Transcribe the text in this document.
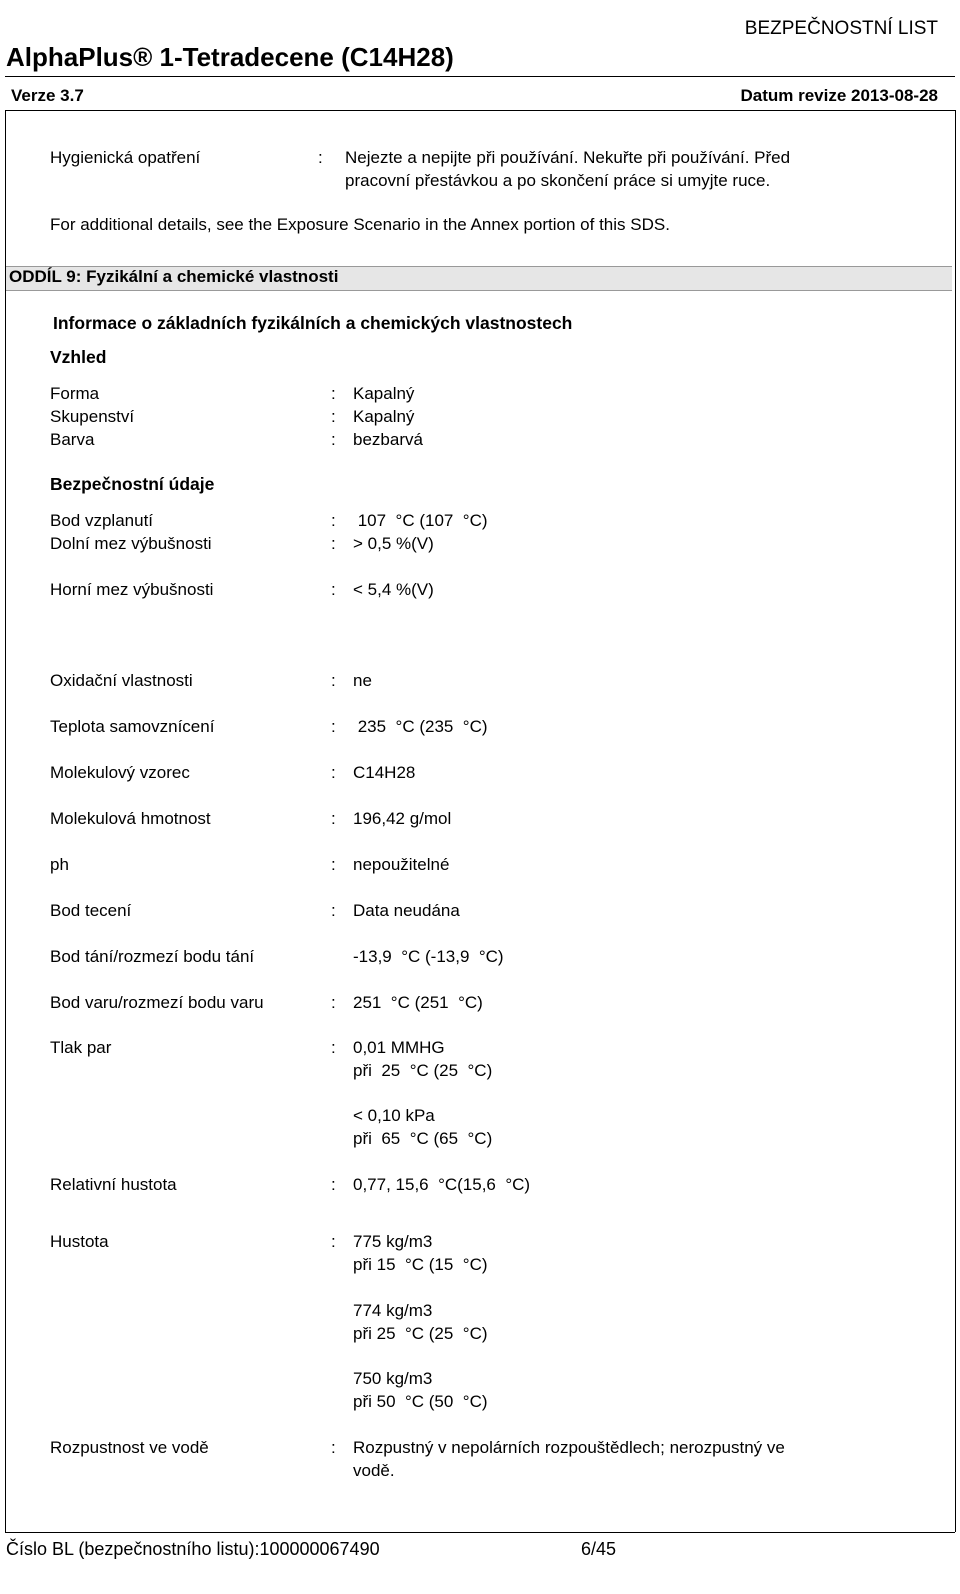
BEZPEČNOSTNÍ LIST
AlphaPlus® 1-Tetradecene (C14H28)
Verze 3.7	Datum revize 2013-08-28
Hygienická opatření	: Nejezte a nepijte při používání. Nekuřte při používání. Před
pracovní přestávkou a po skončení práce si umyjte ruce.
For additional details, see the Exposure Scenario in the Annex portion of this SDS.
ODDÍL 9: Fyzikální a chemické vlastnosti
Informace o základních fyzikálních a chemických vlastnostech
Vzhled
Forma	: Kapalný
Skupenství	: Kapalný
Barva	: bezbarvá
Bezpečnostní údaje
Bod vzplanutí	: 107  °C (107  °C)
Dolní mez výbušnosti	: > 0,5 %(V)
Horní mez výbušnosti	: < 5,4 %(V)
Oxidační vlastnosti	: ne
Teplota samovznícení	: 235  °C (235  °C)
Molekulový vzorec	: C14H28
Molekulová hmotnost	: 196,42 g/mol
ph	: nepoužitelné
Bod tecení	: Data neudána
Bod tání/rozmezí bodu tání	-13,9  °C (-13,9  °C)
Bod varu/rozmezí bodu varu	: 251  °C (251  °C)
Tlak par	: 0,01 MMHG
při  25  °C (25  °C)
< 0,10 kPa
při  65  °C (65  °C)
Relativní hustota	: 0,77, 15,6  °C(15,6  °C)
Hustota	: 775 kg/m3
při 15  °C (15  °C)
774 kg/m3
při 25  °C (25  °C)
750 kg/m3
při 50  °C (50  °C)
Rozpustnost ve vodě	: Rozpustný v nepolárních rozpouštědlech; nerozpustný ve
vodě.
Číslo BL (bezpečnostního listu):100000067490	6/45
